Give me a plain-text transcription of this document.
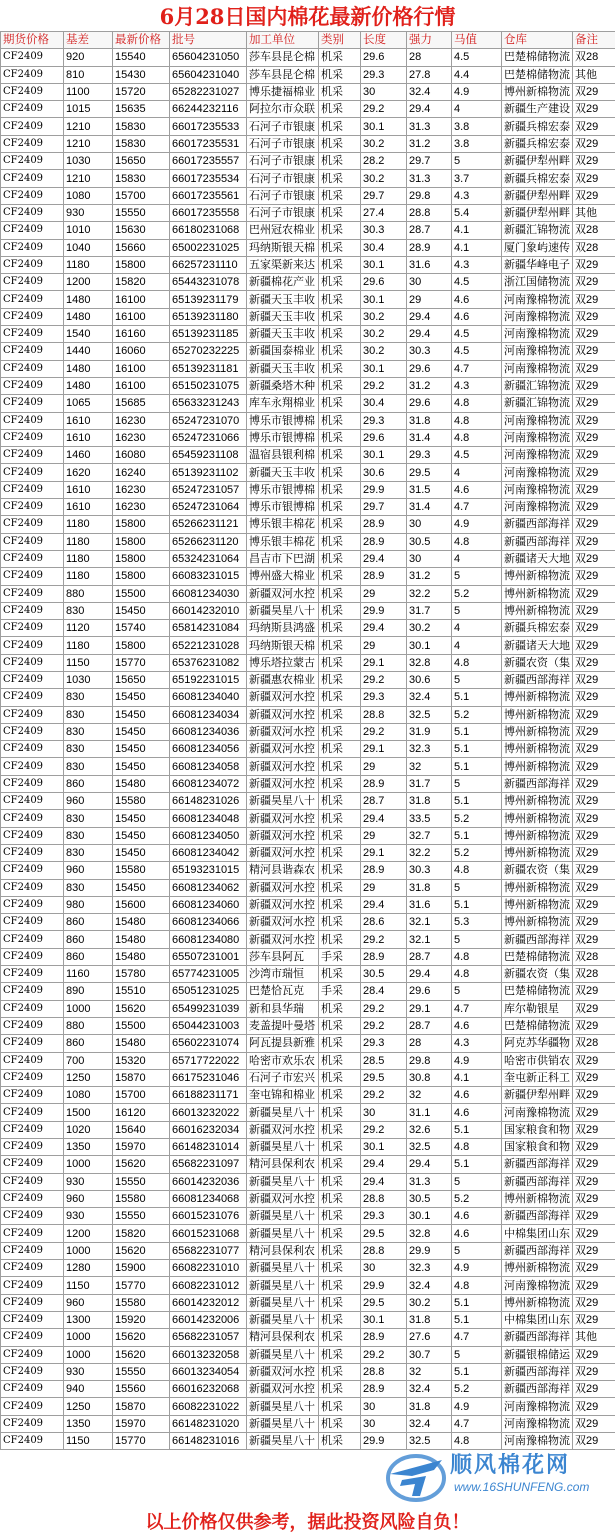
6月28日国内棉花最新价格行情
期货价格	基差	最新价格	批号	加工单位	类别	长度	强力	马值	仓库	备注
CF2409	920	15540	65604231050	莎车县昆仑棉	机采	29.6	28	4.5	巴楚棉储物流	双28
CF2409	810	15430	65604231040	莎车县昆仑棉	机采	29.3	27.8	4.4	巴楚棉储物流	其他
CF2409	1100	15720	65282231027	博乐捷福棉业	机采	30	32.4	4.9	博州新棉物流	双29
CF2409	1015	15635	66244232116	阿拉尔市众联	机采	29.2	29.4	4	新疆生产建设	双29
CF2409	1210	15830	66017235533	石河子市银康	机采	30.1	31.3	3.8	新疆兵棉宏泰	双29
CF2409	1210	15830	66017235531	石河子市银康	机采	30.2	31.2	3.8	新疆兵棉宏泰	双29
CF2409	1030	15650	66017235557	石河子市银康	机采	28.2	29.7	5	新疆伊犁州畔	双29
CF2409	1210	15830	66017235534	石河子市银康	机采	30.2	31.3	3.7	新疆兵棉宏泰	双29
CF2409	1080	15700	66017235561	石河子市银康	机采	29.7	29.8	4.3	新疆伊犁州畔	双29
CF2409	930	15550	66017235558	石河子市银康	机采	27.4	28.8	5.4	新疆伊犁州畔	其他
CF2409	1010	15630	66180231068	巴州冠农棉业	机采	30.3	28.7	4.1	新疆汇锦物流	双28
CF2409	1040	15660	65002231025	玛纳斯银天棉	机采	30.4	28.9	4.1	厦门象屿速传	双28
CF2409	1180	15800	66257231110	五家渠新来达	机采	30.1	31.6	4.3	新疆华峰电子	双29
CF2409	1200	15820	65443231078	新疆棉花产业	机采	29.6	30	4.5	浙江国储物流	双29
CF2409	1480	16100	65139231179	新疆天玉丰收	机采	30.1	29	4.6	河南豫棉物流	双29
CF2409	1480	16100	65139231180	新疆天玉丰收	机采	30.2	29.4	4.6	河南豫棉物流	双29
CF2409	1540	16160	65139231185	新疆天玉丰收	机采	30.2	29.4	4.5	河南豫棉物流	双29
CF2409	1440	16060	65270232225	新疆国泰棉业	机采	30.2	30.3	4.5	河南豫棉物流	双29
CF2409	1480	16100	65139231181	新疆天玉丰收	机采	30.1	29.6	4.7	河南豫棉物流	双29
CF2409	1480	16100	65150231075	新疆桑塔木种	机采	29.2	31.2	4.3	新疆汇锦物流	双29
CF2409	1065	15685	65633231243	库车永翔棉业	机采	30.4	29.6	4.8	新疆汇锦物流	双29
CF2409	1610	16230	65247231070	博乐市银博棉	机采	29.3	31.8	4.8	河南豫棉物流	双29
CF2409	1610	16230	65247231066	博乐市银博棉	机采	29.6	31.4	4.8	河南豫棉物流	双29
CF2409	1460	16080	65459231108	温宿县银利棉	机采	30.1	29.3	4.5	河南豫棉物流	双29
CF2409	1620	16240	65139231102	新疆天玉丰收	机采	30.6	29.5	4	河南豫棉物流	双29
CF2409	1610	16230	65247231057	博乐市银博棉	机采	29.9	31.5	4.6	河南豫棉物流	双29
CF2409	1610	16230	65247231064	博乐市银博棉	机采	29.7	31.4	4.7	河南豫棉物流	双29
CF2409	1180	15800	65266231121	博乐银丰棉花	机采	28.9	30	4.9	新疆西部海祥	双29
CF2409	1180	15800	65266231120	博乐银丰棉花	机采	28.9	30.5	4.8	新疆西部海祥	双29
CF2409	1180	15800	65324231064	昌吉市下巴湖	机采	29.4	30	4	新疆诸天大地	双29
CF2409	1180	15800	66083231015	博州盛大棉业	机采	28.9	31.2	5	博州新棉物流	双29
CF2409	880	15500	66081234030	新疆双河水控	机采	29	32.2	5.2	博州新棉物流	双29
CF2409	830	15450	66014232010	新疆昊星八十	机采	29.9	31.7	5	博州新棉物流	双29
CF2409	1120	15740	65814231084	玛纳斯县鸿盛	机采	29.4	30.2	4	新疆兵棉宏泰	双29
CF2409	1180	15800	65221231028	玛纳斯银天棉	机采	29	30.1	4	新疆诸天大地	双29
CF2409	1150	15770	65376231082	博乐塔拉蒙古	机采	29.1	32.8	4.8	新疆农资（集	双29
CF2409	1030	15650	65192231015	新疆惠农棉业	机采	29.2	30.6	5	新疆西部海祥	双29
CF2409	830	15450	66081234040	新疆双河水控	机采	29.3	32.4	5.1	博州新棉物流	双29
CF2409	830	15450	66081234034	新疆双河水控	机采	28.8	32.5	5.2	博州新棉物流	双29
CF2409	830	15450	66081234036	新疆双河水控	机采	29.2	31.9	5.1	博州新棉物流	双29
CF2409	830	15450	66081234056	新疆双河水控	机采	29.1	32.3	5.1	博州新棉物流	双29
CF2409	830	15450	66081234058	新疆双河水控	机采	29	32	5.1	博州新棉物流	双29
CF2409	860	15480	66081234072	新疆双河水控	机采	28.9	31.7	5	新疆西部海祥	双29
CF2409	960	15580	66148231026	新疆昊星八十	机采	28.7	31.8	5.1	博州新棉物流	双29
CF2409	830	15450	66081234048	新疆双河水控	机采	29.4	33.5	5.2	博州新棉物流	双29
CF2409	830	15450	66081234050	新疆双河水控	机采	29	32.7	5.1	博州新棉物流	双29
CF2409	830	15450	66081234042	新疆双河水控	机采	29.1	32.2	5.2	博州新棉物流	双29
CF2409	960	15580	65193231015	精河县谐森农	机采	28.9	30.3	4.8	新疆农资（集	双29
CF2409	830	15450	66081234062	新疆双河水控	机采	29	31.8	5	博州新棉物流	双29
CF2409	980	15600	66081234060	新疆双河水控	机采	29.4	31.6	5.1	博州新棉物流	双29
CF2409	860	15480	66081234066	新疆双河水控	机采	28.6	32.1	5.3	博州新棉物流	双29
CF2409	860	15480	66081234080	新疆双河水控	机采	29.2	32.1	5	新疆西部海祥	双29
CF2409	860	15480	65507231001	莎车县阿瓦	手采	28.9	28.7	4.8	巴楚棉储物流	双28
CF2409	1160	15780	65774231005	沙湾市瑞恒	机采	30.5	29.4	4.8	新疆农资（集	双28
CF2409	890	15510	65051231025	巴楚恰瓦克	手采	28.4	29.6	5	巴楚棉储物流	双29
CF2409	1000	15620	65499231039	新和县华瑞	机采	29.2	29.1	4.7	库尔勒银星	双29
CF2409	880	15500	65044231003	麦盖提叶曼塔	机采	29.2	28.7	4.6	巴楚棉储物流	双29
CF2409	860	15480	65602231074	阿瓦提县新雅	机采	29.3	28	4.3	阿克苏华疆物	双28
CF2409	700	15320	65717722022	哈密市欢乐农	机采	28.5	29.8	4.9	哈密市供销农	双29
CF2409	1250	15870	66175231046	石河子市宏兴	机采	29.5	30.8	4.1	奎屯新正科工	双29
CF2409	1080	15700	66188231171	奎屯锦和棉业	机采	29.2	32	4.6	新疆伊犁州畔	双29
CF2409	1500	16120	66013232022	新疆昊星八十	机采	30	31.1	4.6	河南豫棉物流	双29
CF2409	1020	15640	66016232034	新疆双河水控	机采	29.2	32.6	5.1	国家粮食和物	双29
CF2409	1350	15970	66148231014	新疆昊星八十	机采	30.1	32.5	4.8	国家粮食和物	双29
CF2409	1000	15620	65682231097	精河县保利农	机采	29.4	29.4	5.1	新疆西部海祥	双29
CF2409	930	15550	66014232036	新疆昊星八十	机采	29.4	31.3	5	新疆西部海祥	双29
CF2409	960	15580	66081234068	新疆双河水控	机采	28.8	30.5	5.2	博州新棉物流	双29
CF2409	930	15550	66015231076	新疆昊星八十	机采	29.3	30.1	4.6	新疆西部海祥	双29
CF2409	1200	15820	66015231068	新疆昊星八十	机采	29.5	32.8	4.6	中棉集团山东	双29
CF2409	1000	15620	65682231077	精河县保利农	机采	28.8	29.9	5	新疆西部海祥	双29
CF2409	1280	15900	66082231010	新疆昊星八十	机采	30	32.3	4.9	博州新棉物流	双29
CF2409	1150	15770	66082231012	新疆昊星八十	机采	29.9	32.4	4.8	河南豫棉物流	双29
CF2409	960	15580	66014232012	新疆昊星八十	机采	29.5	30.2	5.1	博州新棉物流	双29
CF2409	1300	15920	66014232006	新疆昊星八十	机采	30.1	31.8	5.1	中棉集团山东	双29
CF2409	1000	15620	65682231057	精河县保利农	机采	28.9	27.6	4.7	新疆西部海祥	其他
CF2409	1000	15620	66013232058	新疆昊星八十	机采	29.2	30.7	5	新疆银棉储运	双29
CF2409	930	15550	66013234054	新疆双河水控	机采	28.8	32	5.1	新疆西部海祥	双29
CF2409	940	15560	66016232068	新疆双河水控	机采	28.9	32.4	5.2	新疆西部海祥	双29
CF2409	1250	15870	66082231022	新疆昊星八十	机采	30	31.8	4.9	河南豫棉物流	双29
CF2409	1350	15970	66148231020	新疆昊星八十	机采	30	32.4	4.7	河南豫棉物流	双29
CF2409	1150	15770	66148231016	新疆昊星八十	机采	29.9	32.5	4.8	河南豫棉物流	双29
顺风棉花网
www.16SHUNFENG.com
以上价格仅供参考，据此投资风险自负！
